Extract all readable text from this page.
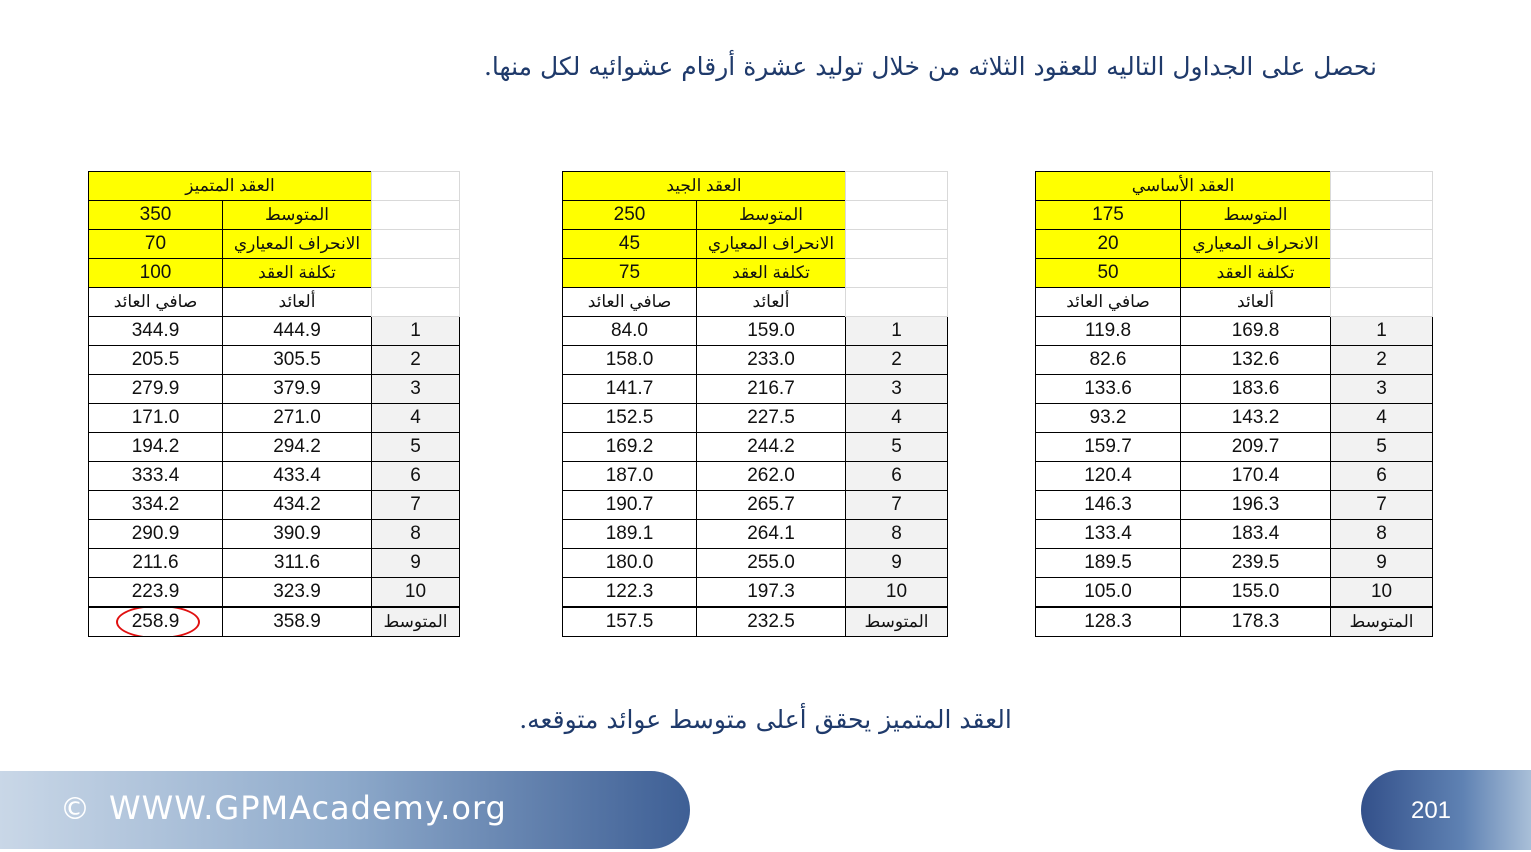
نحصل على الجداول التاليه للعقود الثلاثه من خلال توليد عشرة أرقام عشوائيه لكل منها.
	العقد الأساسي	
	المتوسط	175
	الانحراف المعياري	20
	تكلفة العقد	50
	ألعائد	صافي العائد
1	169.8	119.8
2	132.6	82.6
3	183.6	133.6
4	143.2	93.2
5	209.7	159.7
6	170.4	120.4
7	196.3	146.3
8	183.4	133.4
9	239.5	189.5
10	155.0	105.0
المتوسط	178.3	128.3
	العقد الجيد	
	المتوسط	250
	الانحراف المعياري	45
	تكلفة العقد	75
	ألعائد	صافي العائد
1	159.0	84.0
2	233.0	158.0
3	216.7	141.7
4	227.5	152.5
5	244.2	169.2
6	262.0	187.0
7	265.7	190.7
8	264.1	189.1
9	255.0	180.0
10	197.3	122.3
المتوسط	232.5	157.5
	العقد المتميز	
	المتوسط	350
	الانحراف المعياري	70
	تكلفة العقد	100
	ألعائد	صافي العائد
1	444.9	344.9
2	305.5	205.5
3	379.9	279.9
4	271.0	171.0
5	294.2	194.2
6	433.4	333.4
7	434.2	334.2
8	390.9	290.9
9	311.6	211.6
10	323.9	223.9
المتوسط	358.9	258.9
العقد المتميز يحقق أعلى متوسط عوائد متوقعه.
© WWW.GPMAcademy.org	201
